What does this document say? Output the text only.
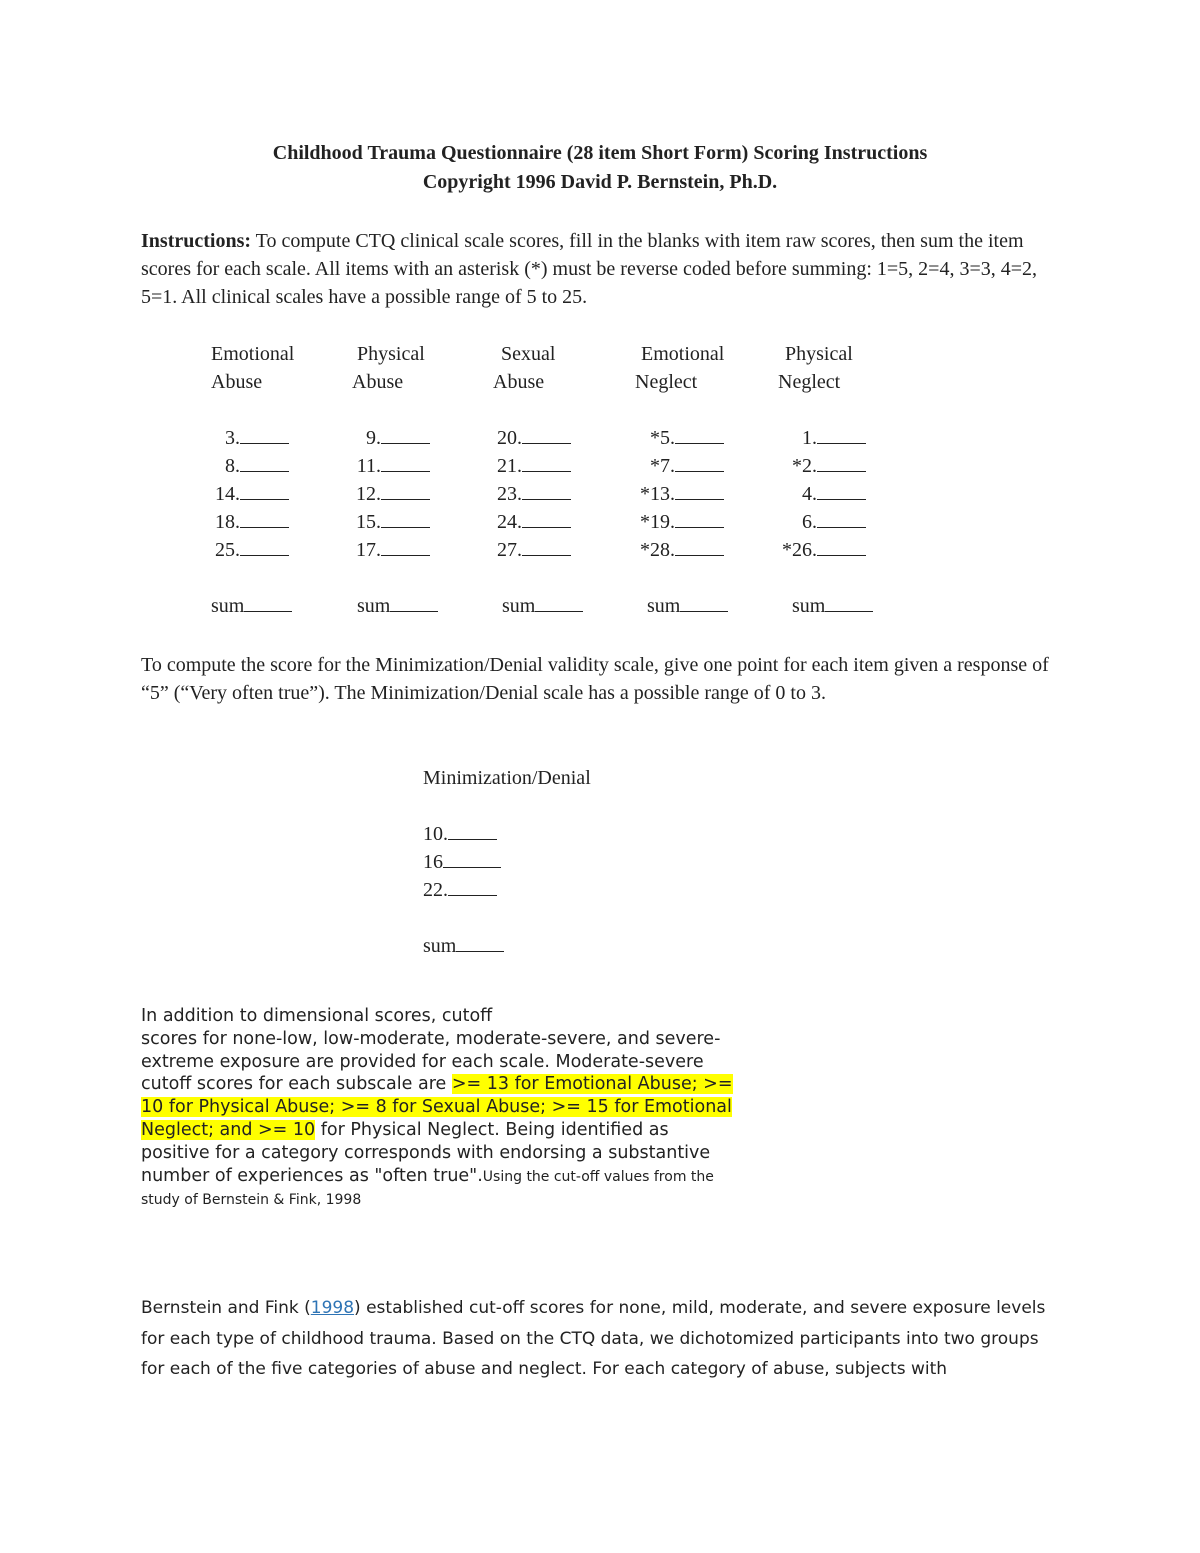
Childhood Trauma Questionnaire (28 item Short Form) Scoring Instructions
Copyright 1996 David P. Bernstein, Ph.D.
Instructions: To compute CTQ clinical scale scores, fill in the blanks with item raw scores, then sum the item scores for each scale. All items with an asterisk (*) must be reverse coded before summing: 1=5, 2=4, 3=3, 4=2, 5=1. All clinical scales have a possible range of 5 to 25.
Emotional
Abuse
3.
8.
14.
18.
25.
sum
Physical
Abuse
9.
11.
12.
15.
17.
sum
Sexual
Abuse
20.
21.
23.
24.
27.
sum
Emotional
Neglect
*5.
*7.
*13.
*19.
*28.
sum
Physical
Neglect
1.
*2.
4.
6.
*26.
sum
To compute the score for the Minimization/Denial validity scale, give one point for each item given a response of “5” (“Very often true”). The Minimization/Denial scale has a possible range of 0 to 3.
Minimization/Denial
10.
16
22.
sum
In addition to dimensional scores, cutoff
scores for none-low, low-moderate, moderate-severe, and severe-extreme exposure are provided for each scale. Moderate-severe cutoff scores for each subscale are >= 13 for Emotional Abuse; >= 10 for Physical Abuse; >= 8 for Sexual Abuse; >= 15 for Emotional Neglect; and >= 10 for Physical Neglect. Being identified as positive for a category corresponds with endorsing a substantive number of experiences as "often true".Using the cut-off values from the study of Bernstein & Fink, 1998
Bernstein and Fink (1998) established cut-off scores for none, mild, moderate, and severe exposure levels for each type of childhood trauma. Based on the CTQ data, we dichotomized participants into two groups for each of the five categories of abuse and neglect. For each category of abuse, subjects with
